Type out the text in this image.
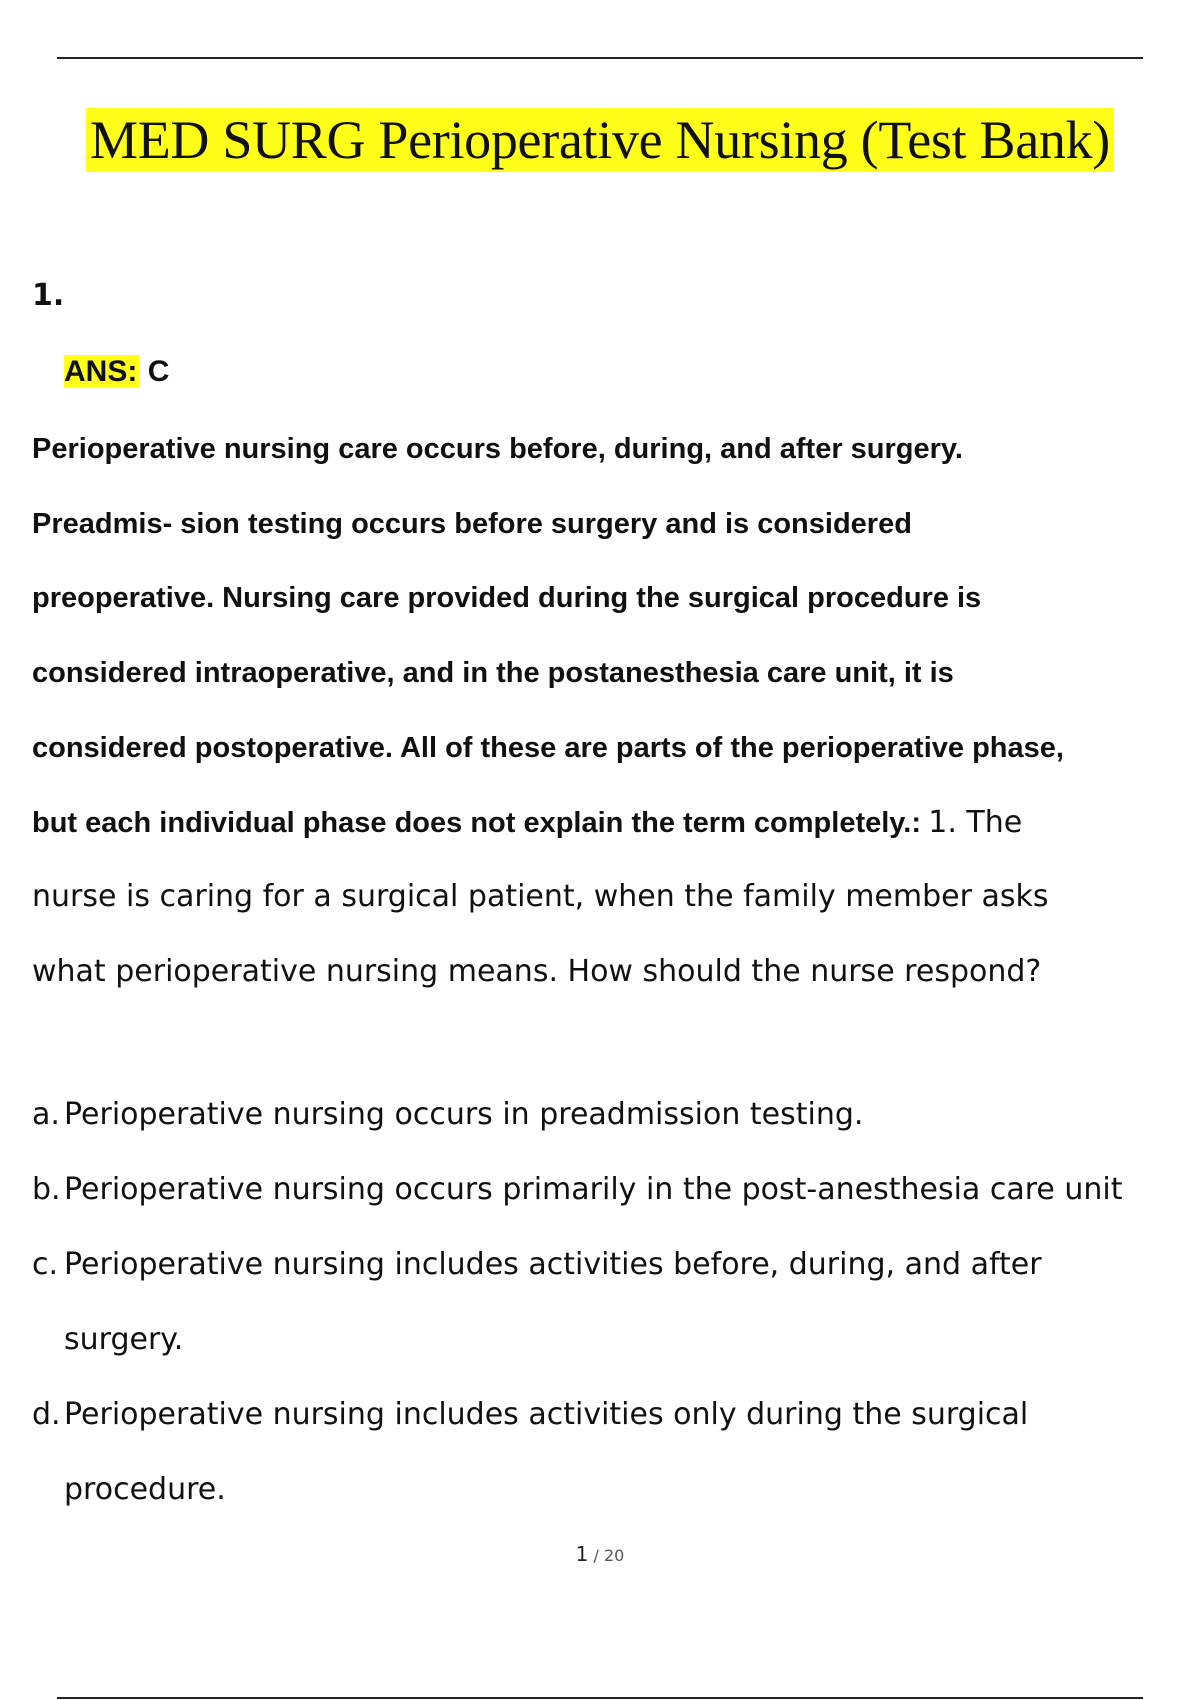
MED SURG Perioperative Nursing (Test Bank)
1.
ANS: C
Perioperative nursing care occurs before, during, and after surgery.
Preadmis- sion testing occurs before surgery and is considered
preoperative. Nursing care provided during the surgical procedure is
considered intraoperative, and in the postanesthesia care unit, it is
considered postoperative. All of these are parts of the perioperative phase,
but each individual phase does not explain the term completely.: 1. The
nurse is caring for a surgical patient, when the family member asks
what perioperative nursing means. How should the nurse respond?
a. Perioperative nursing occurs in preadmission testing.
b. Perioperative nursing occurs primarily in the post-anesthesia care unit
c. Perioperative nursing includes activities before, during, and after surgery.
d. Perioperative nursing includes activities only during the surgical procedure.
1 / 20
